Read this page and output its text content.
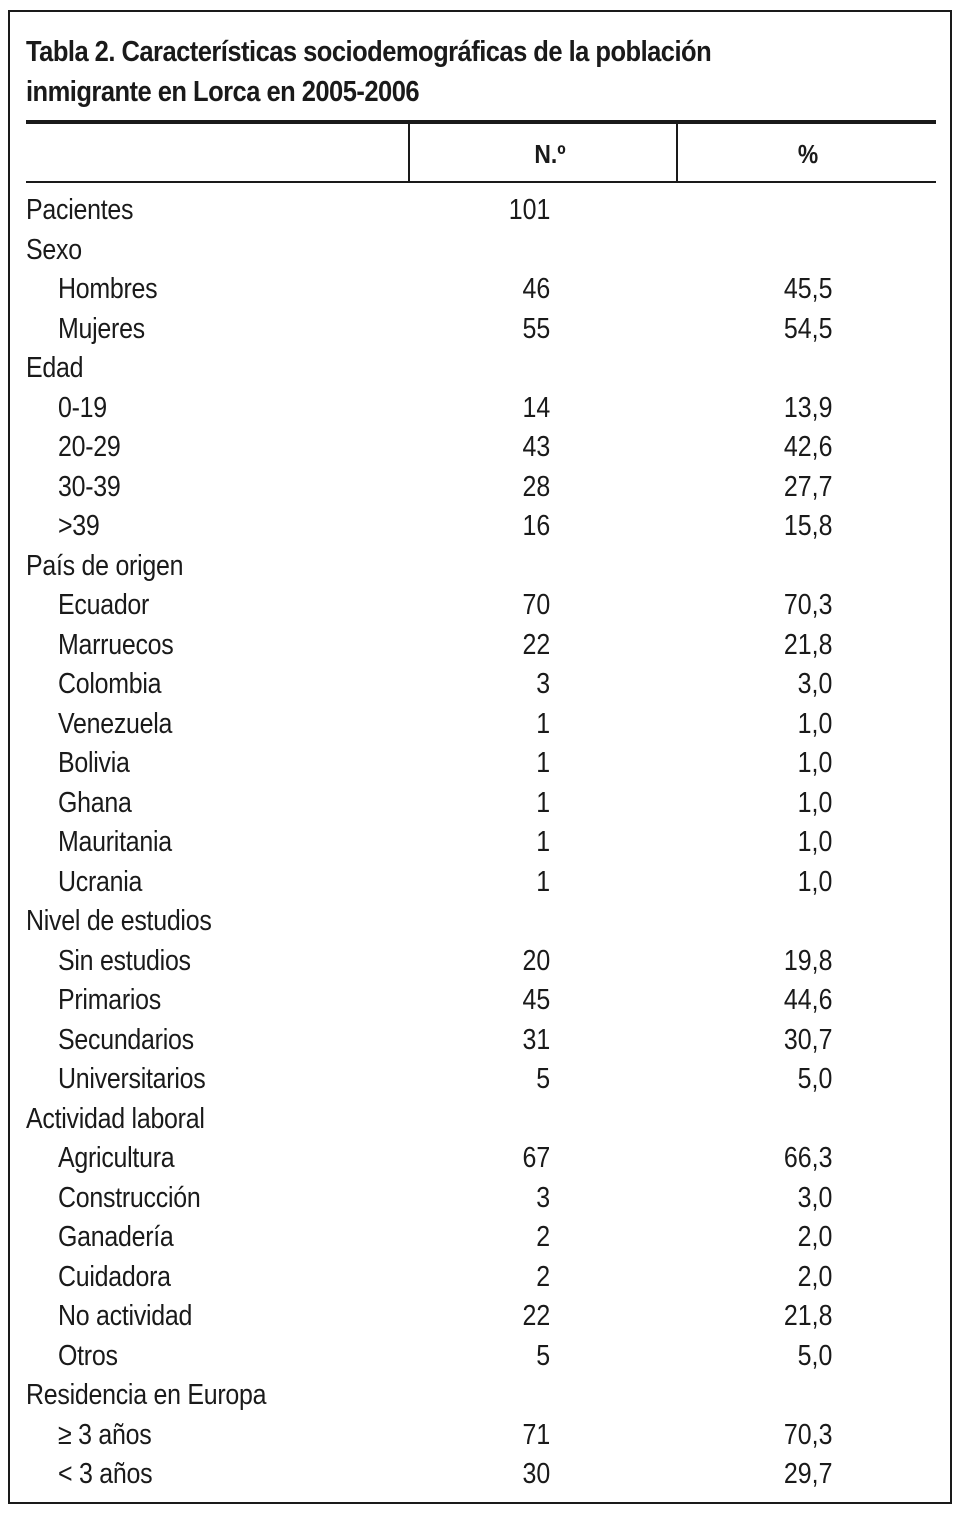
Tabla 2. Características sociodemográficas de la población
inmigrante en Lorca en 2005-2006
N.º	%
Pacientes	101
Sexo
Hombres	46	45,5
Mujeres	55	54,5
Edad
0-19	14	13,9
20-29	43	42,6
30-39	28	27,7
>39	16	15,8
País de origen
Ecuador	70	70,3
Marruecos	22	21,8
Colombia	3	3,0
Venezuela	1	1,0
Bolivia	1	1,0
Ghana	1	1,0
Mauritania	1	1,0
Ucrania	1	1,0
Nivel de estudios
Sin estudios	20	19,8
Primarios	45	44,6
Secundarios	31	30,7
Universitarios	5	5,0
Actividad laboral
Agricultura	67	66,3
Construcción	3	3,0
Ganadería	2	2,0
Cuidadora	2	2,0
No actividad	22	21,8
Otros	5	5,0
Residencia en Europa
≥ 3 años	71	70,3
< 3 años	30	29,7
